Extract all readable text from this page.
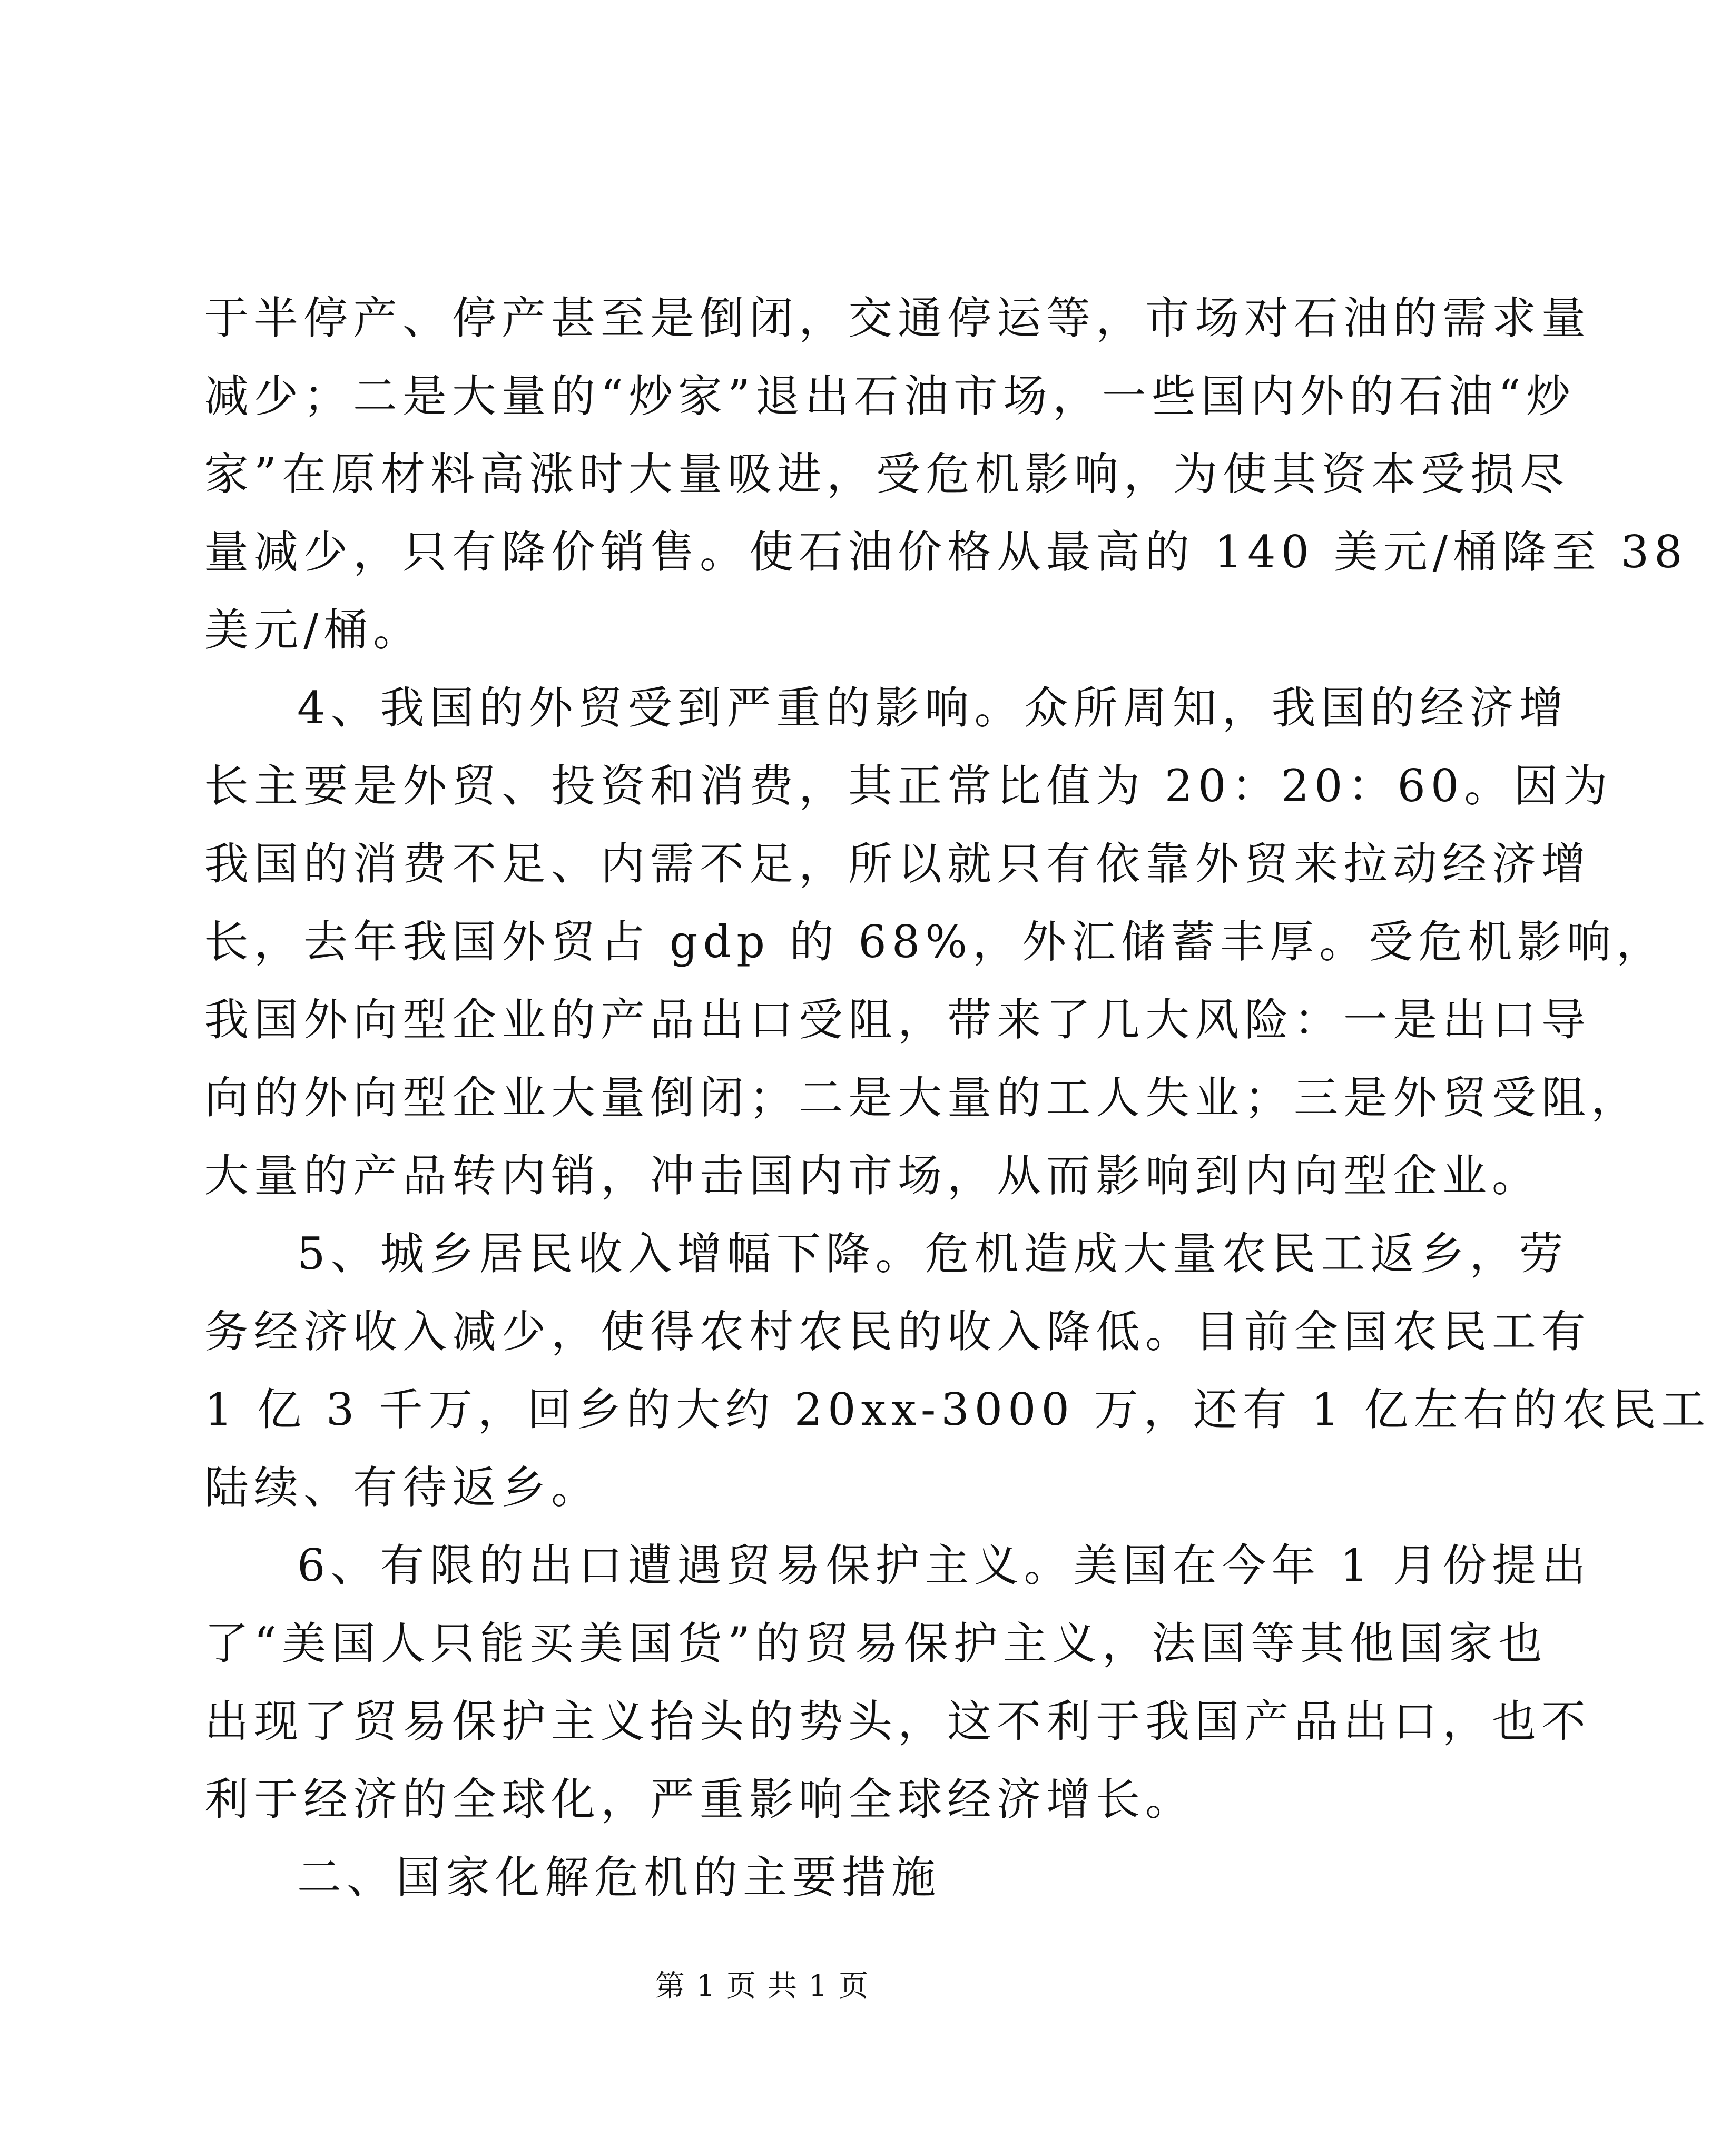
于半停产、停产甚至是倒闭，交通停运等，市场对石油的需求量
减少；二是大量的“炒家”退出石油市场，一些国内外的石油“炒
家”在原材料高涨时大量吸进，受危机影响，为使其资本受损尽
量减少，只有降价销售。使石油价格从最高的 140 美元/桶降至 38
美元/桶。
4、我国的外贸受到严重的影响。众所周知，我国的经济增
长主要是外贸、投资和消费，其正常比值为 20：20：60。因为
我国的消费不足、内需不足，所以就只有依靠外贸来拉动经济增
长，去年我国外贸占 gdp 的 68%，外汇储蓄丰厚。受危机影响，
我国外向型企业的产品出口受阻，带来了几大风险：一是出口导
向的外向型企业大量倒闭；二是大量的工人失业；三是外贸受阻，
大量的产品转内销，冲击国内市场，从而影响到内向型企业。
5、城乡居民收入增幅下降。危机造成大量农民工返乡，劳
务经济收入减少，使得农村农民的收入降低。目前全国农民工有
1 亿 3 千万，回乡的大约 20xx-3000 万，还有 1 亿左右的农民工
陆续、有待返乡。
6、有限的出口遭遇贸易保护主义。美国在今年 1 月份提出
了“美国人只能买美国货”的贸易保护主义，法国等其他国家也
出现了贸易保护主义抬头的势头，这不利于我国产品出口，也不
利于经济的全球化，严重影响全球经济增长。
二、国家化解危机的主要措施
第 1 页 共 1 页
